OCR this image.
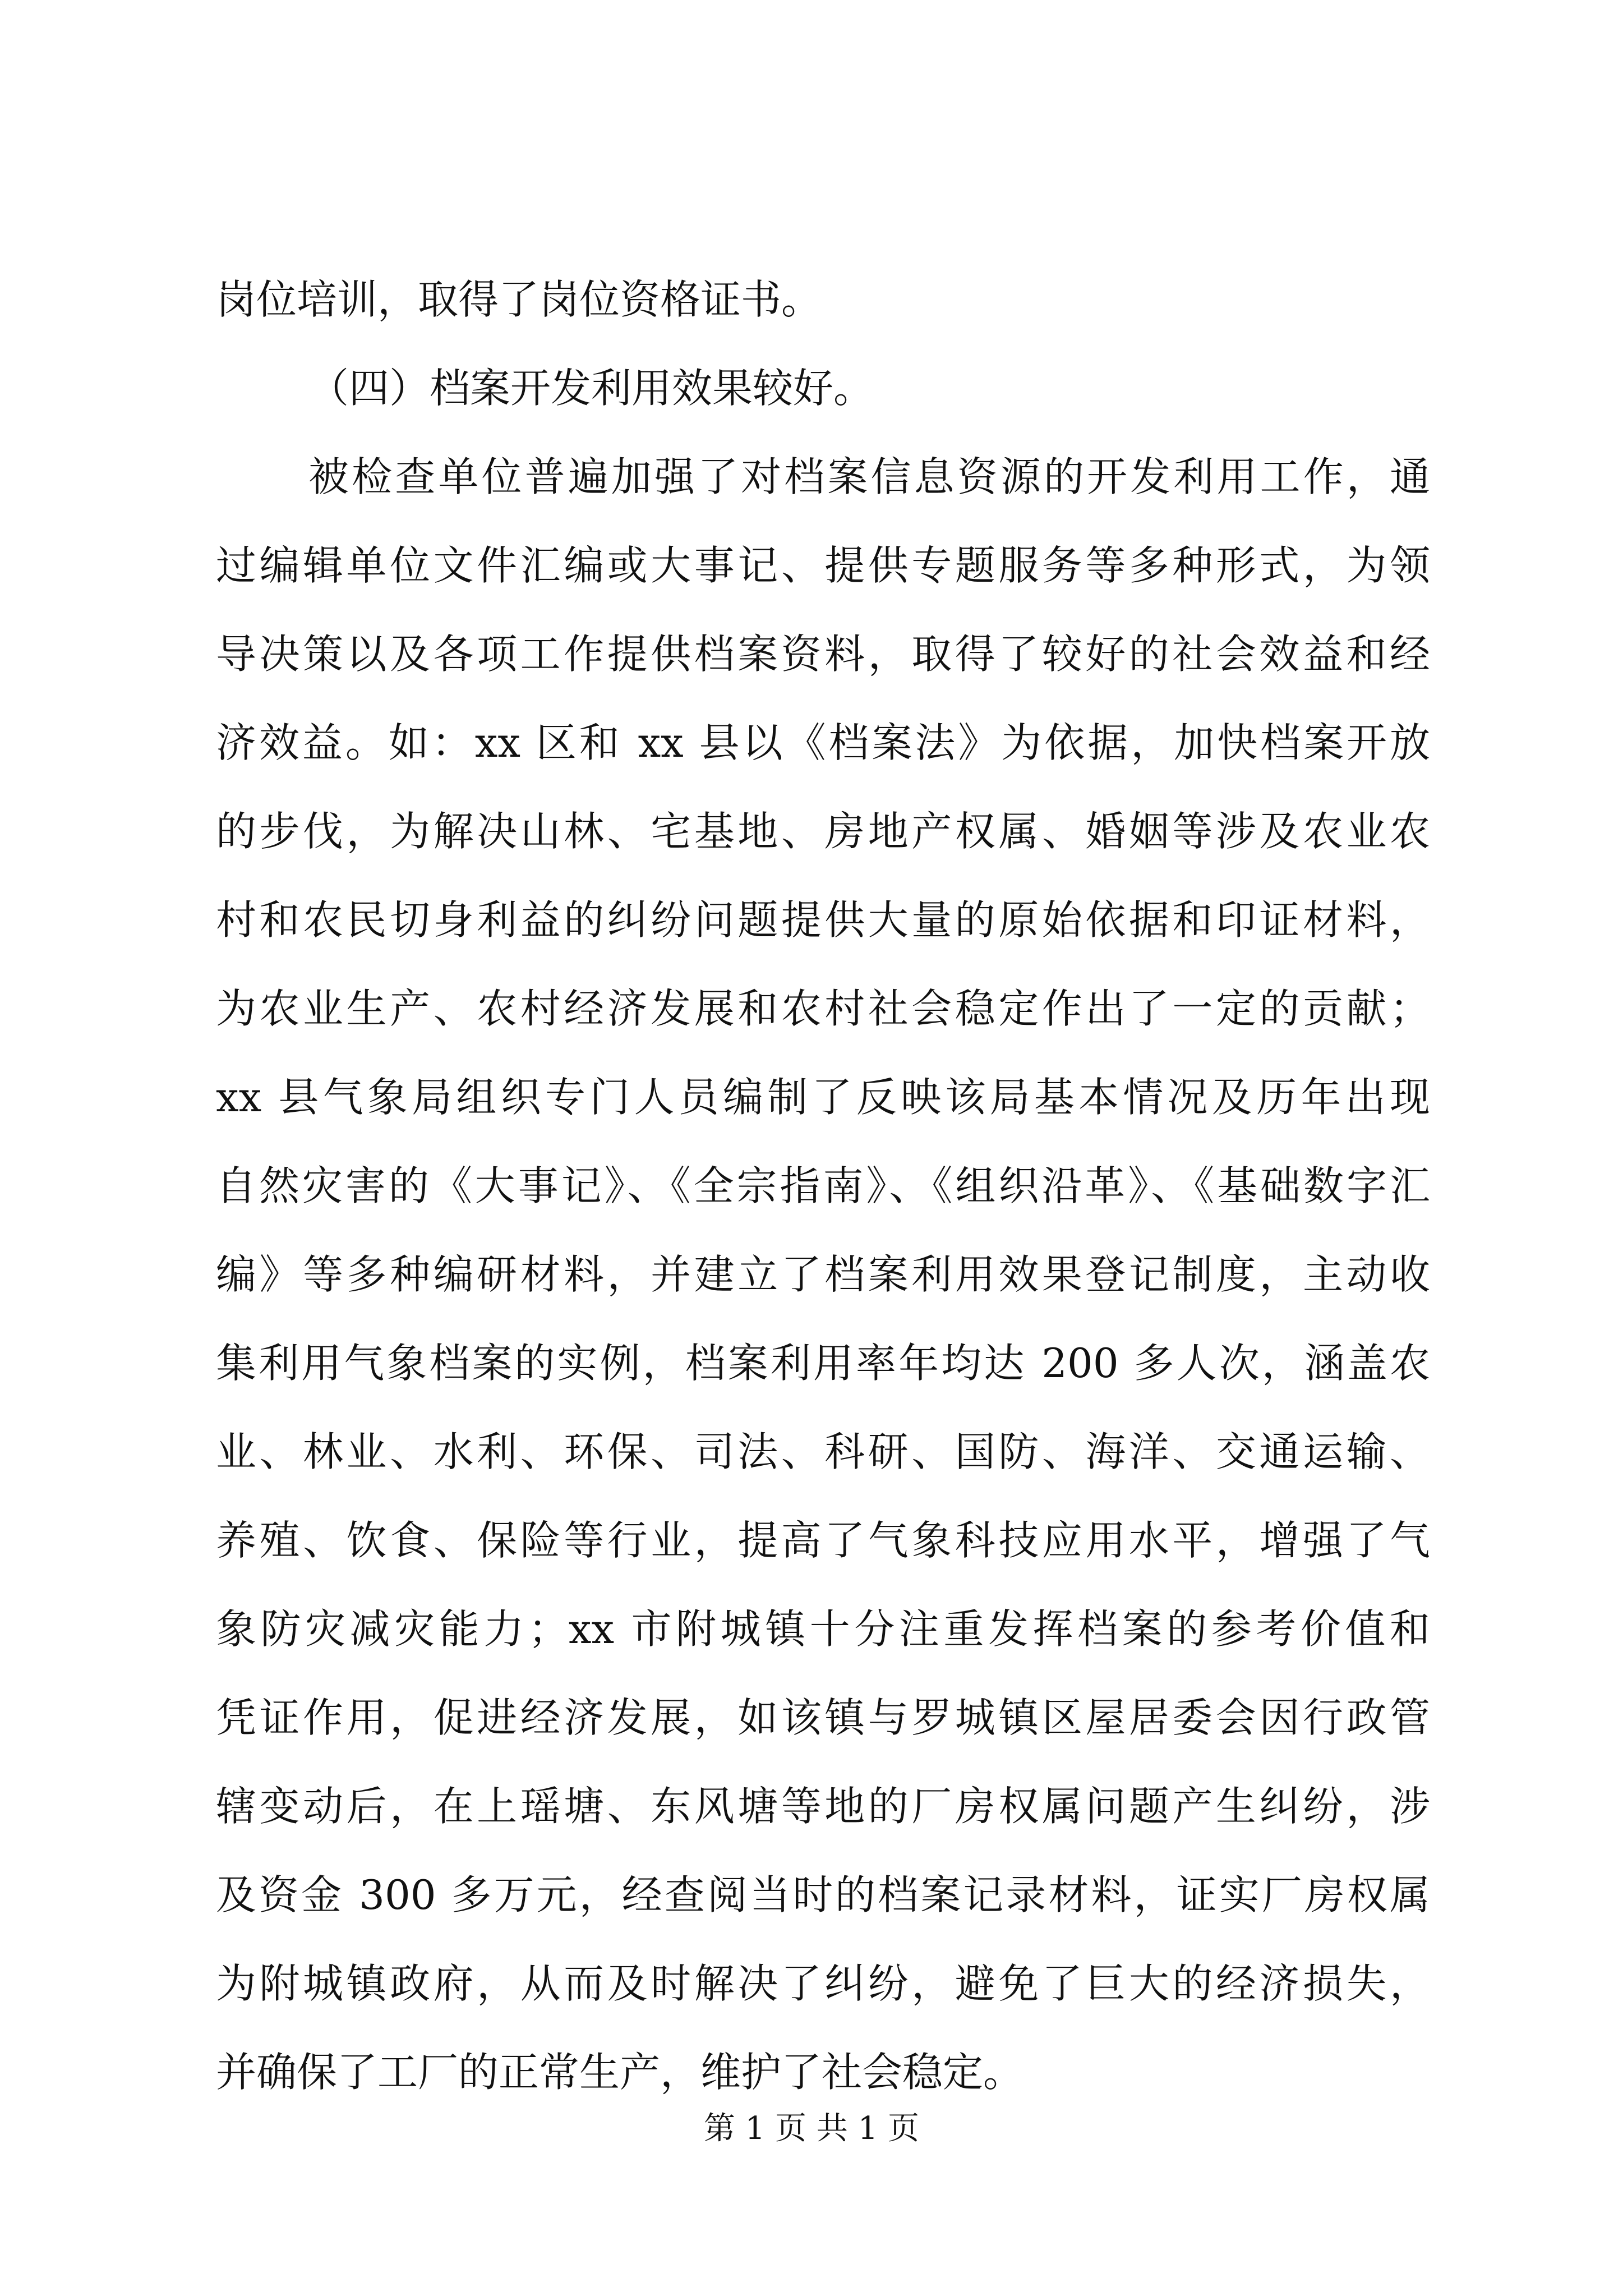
岗位培训，取得了岗位资格证书。
（四）档案开发利用效果较好。
被检查单位普遍加强了对档案信息资源的开发利用工作，通
过编辑单位文件汇编或大事记、提供专题服务等多种形式，为领
导决策以及各项工作提供档案资料，取得了较好的社会效益和经
济效益。如：xx 区和 xx 县以《档案法》为依据，加快档案开放
的步伐，为解决山林、宅基地、房地产权属、婚姻等涉及农业农
村和农民切身利益的纠纷问题提供大量的原始依据和印证材料，
为农业生产、农村经济发展和农村社会稳定作出了一定的贡献；
xx 县气象局组织专门人员编制了反映该局基本情况及历年出现
自然灾害的《大事记》、《全宗指南》、《组织沿革》、《基础数字汇
编》等多种编研材料，并建立了档案利用效果登记制度，主动收
集利用气象档案的实例，档案利用率年均达 200 多人次，涵盖农
业、林业、水利、环保、司法、科研、国防、海洋、交通运输、
养殖、饮食、保险等行业，提高了气象科技应用水平，增强了气
象防灾减灾能力；xx 市附城镇十分注重发挥档案的参考价值和
凭证作用，促进经济发展，如该镇与罗城镇区屋居委会因行政管
辖变动后，在上瑶塘、东风塘等地的厂房权属问题产生纠纷，涉
及资金 300 多万元，经查阅当时的档案记录材料，证实厂房权属
为附城镇政府，从而及时解决了纠纷，避免了巨大的经济损失，
并确保了工厂的正常生产，维护了社会稳定。
第 1 页 共 1 页
